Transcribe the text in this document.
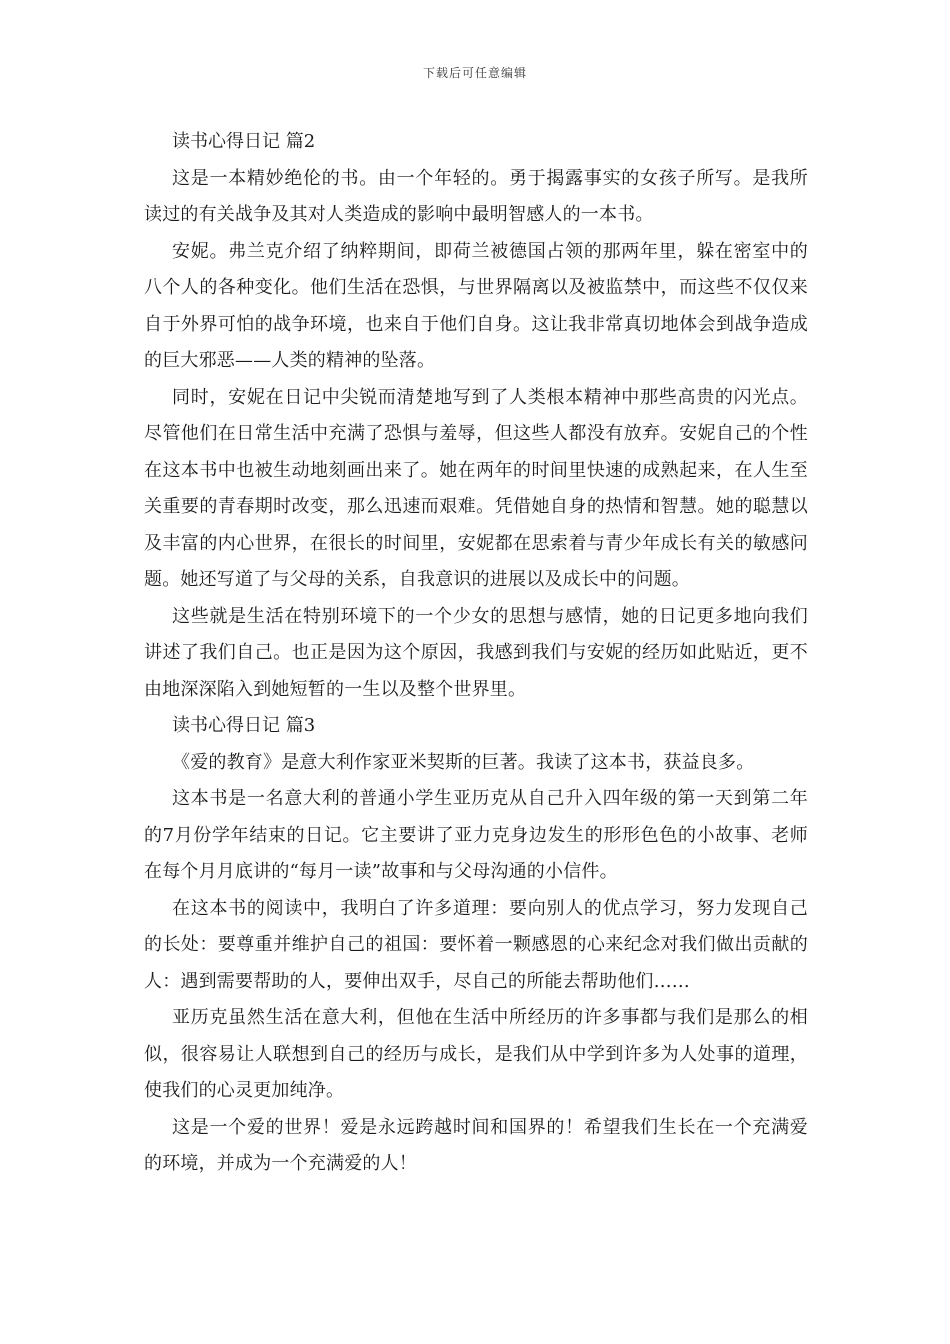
下载后可任意编辑
读书心得日记 篇2

这是一本精妙绝伦的书。由一个年轻的。勇于揭露事实的女孩子所写。是我所读过的有关战争及其对人类造成的影响中最明智感人的一本书。

安妮。弗兰克介绍了纳粹期间，即荷兰被德国占领的那两年里，躲在密室中的八个人的各种变化。他们生活在恐惧，与世界隔离以及被监禁中，而这些不仅仅来自于外界可怕的战争环境，也来自于他们自身。这让我非常真切地体会到战争造成的巨大邪恶——人类的精神的坠落。

同时，安妮在日记中尖锐而清楚地写到了人类根本精神中那些高贵的闪光点。尽管他们在日常生活中充满了恐惧与羞辱，但这些人都没有放弃。安妮自己的个性在这本书中也被生动地刻画出来了。她在两年的时间里快速的成熟起来，在人生至关重要的青春期时改变，那么迅速而艰难。凭借她自身的热情和智慧。她的聪慧以及丰富的内心世界，在很长的时间里，安妮都在思索着与青少年成长有关的敏感问题。她还写道了与父母的关系，自我意识的进展以及成长中的问题。

这些就是生活在特别环境下的一个少女的思想与感情，她的日记更多地向我们讲述了我们自己。也正是因为这个原因，我感到我们与安妮的经历如此贴近，更不由地深深陷入到她短暂的一生以及整个世界里。

读书心得日记 篇3

《爱的教育》是意大利作家亚米契斯的巨著。我读了这本书，获益良多。

这本书是一名意大利的普通小学生亚历克从自己升入四年级的第一天到第二年的7月份学年结束的日记。它主要讲了亚力克身边发生的形形色色的小故事、老师在每个月月底讲的“每月一读”故事和与父母沟通的小信件。

在这本书的阅读中，我明白了许多道理：要向别人的优点学习，努力发现自己的长处：要尊重并维护自己的祖国：要怀着一颗感恩的心来纪念对我们做出贡献的人：遇到需要帮助的人，要伸出双手，尽自己的所能去帮助他们……

亚历克虽然生活在意大利，但他在生活中所经历的许多事都与我们是那么的相似，很容易让人联想到自己的经历与成长，是我们从中学到许多为人处事的道理，使我们的心灵更加纯净。

这是一个爱的世界！爱是永远跨越时间和国界的！希望我们生长在一个充满爱的环境，并成为一个充满爱的人！
